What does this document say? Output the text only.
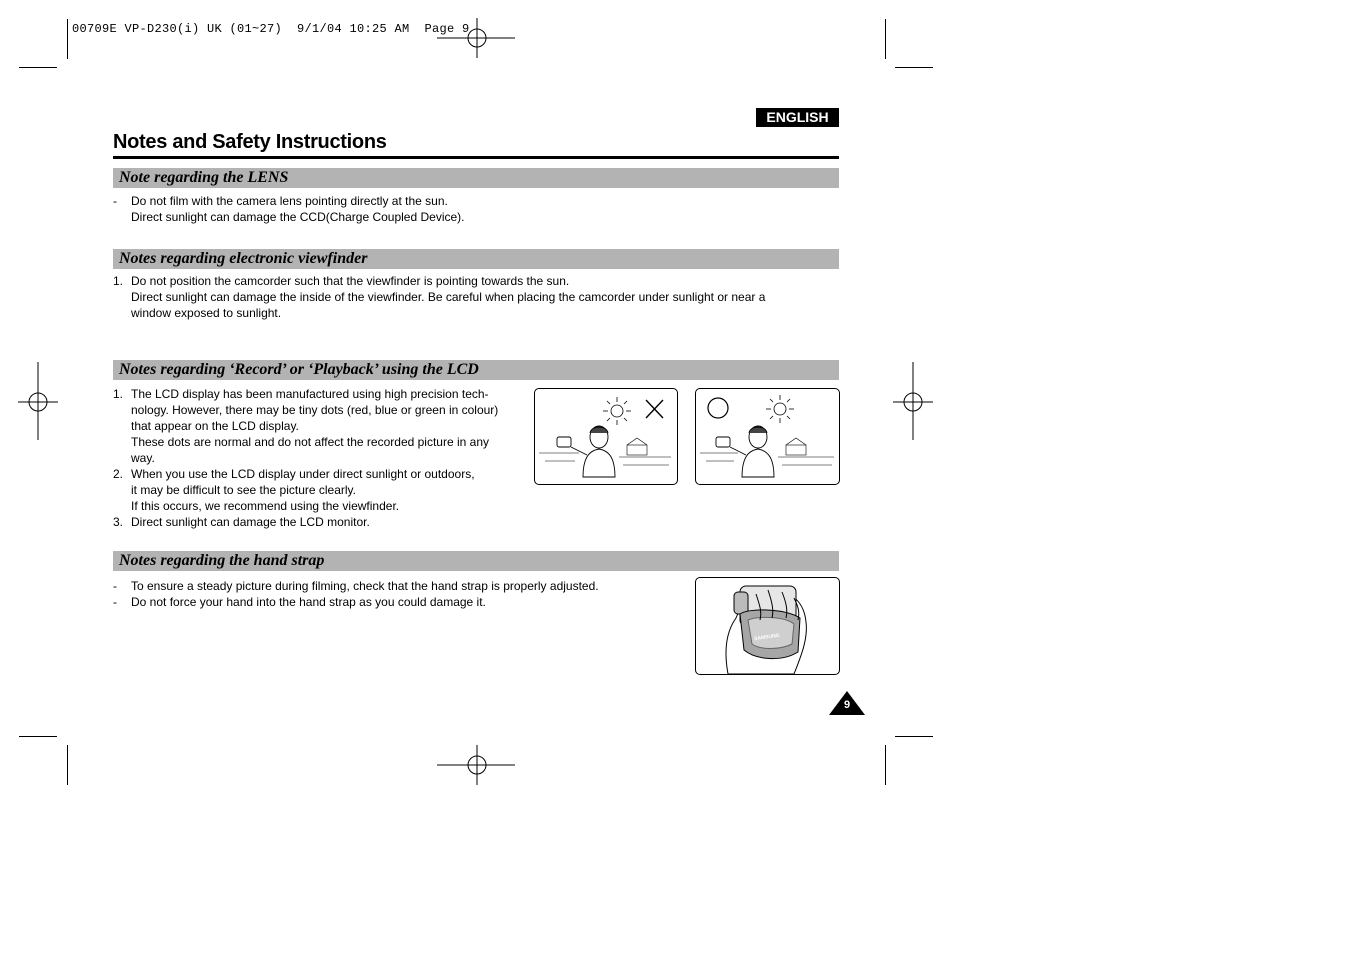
00709E VP-D230(i) UK (01~27)  9/1/04 10:25 AM  Page 9
ENGLISH
Notes and Safety Instructions
Note regarding the LENS
- Do not film with the camera lens pointing directly at the sun.
Direct sunlight can damage the CCD(Charge Coupled Device).
Notes regarding electronic viewfinder
1. Do not position the camcorder such that the viewfinder is pointing towards the sun.
Direct sunlight can damage the inside of the viewfinder. Be careful when placing the camcorder under sunlight or near a
window exposed to sunlight.
Notes regarding ‘Record’ or ‘Playback’ using the LCD
1. The LCD display has been manufactured using high precision tech-
nology. However, there may be tiny dots (red, blue or green in colour)
that appear on the LCD display.
These dots are normal and do not affect the recorded picture in any
way.
2. When you use the LCD display under direct sunlight or outdoors,
it may be difficult to see the picture clearly.
If this occurs, we recommend using the viewfinder.
3. Direct sunlight can damage the LCD monitor.
Notes regarding the hand strap
- To ensure a steady picture during filming, check that the hand strap is properly adjusted.
- Do not force your hand into the hand strap as you could damage it.
SAMSUNG
9
